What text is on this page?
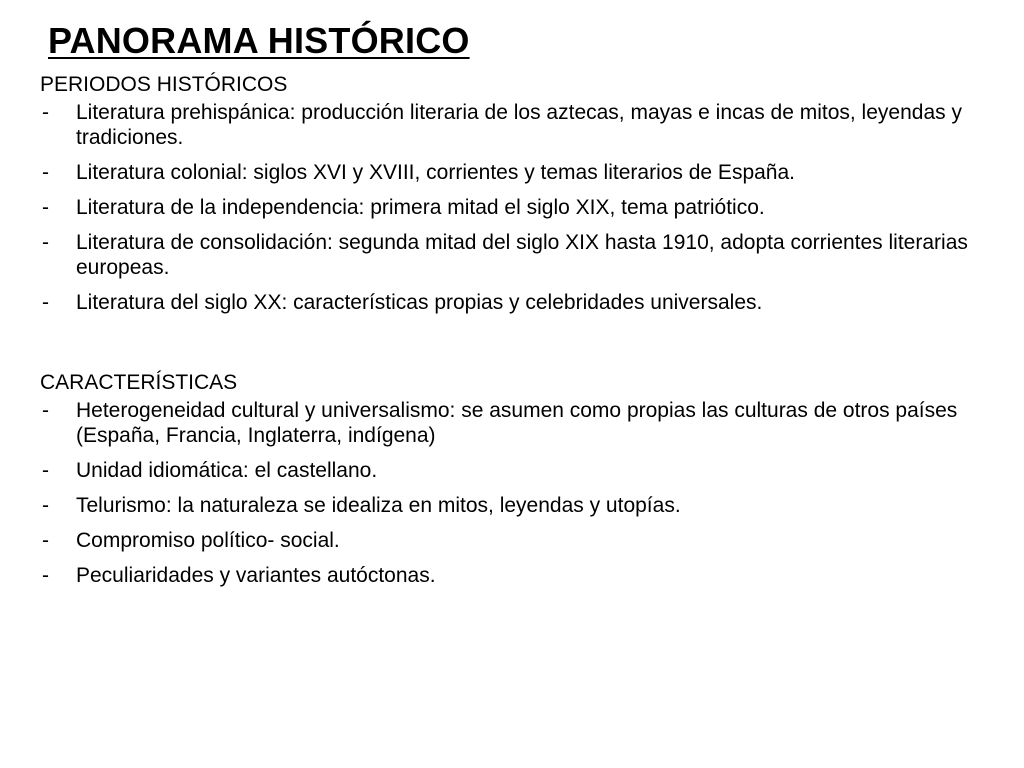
PANORAMA HISTÓRICO
PERIODOS HISTÓRICOS
- Literatura prehispánica: producción literaria de los aztecas, mayas e incas de mitos, leyendas y tradiciones.
- Literatura colonial: siglos XVI y XVIII, corrientes y temas literarios de España.
- Literatura de la independencia: primera mitad el siglo XIX, tema patriótico.
- Literatura de consolidación: segunda mitad del siglo XIX hasta 1910, adopta corrientes literarias europeas.
- Literatura del siglo XX: características propias y celebridades universales.
CARACTERÍSTICAS
- Heterogeneidad cultural y universalismo: se asumen como propias las culturas de otros países (España, Francia, Inglaterra, indígena)
- Unidad idiomática: el castellano.
- Telurismo: la naturaleza se idealiza en mitos, leyendas y utopías.
- Compromiso político- social.
- Peculiaridades y variantes autóctonas.
